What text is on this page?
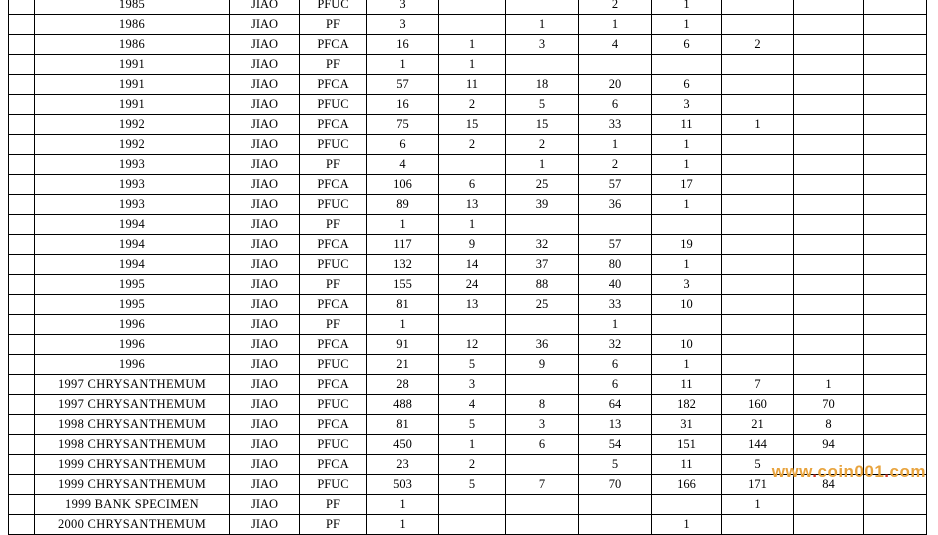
	1985	JIAO	PFUC	3			2	1			
	1986	JIAO	PF	3		1	1	1			
	1986	JIAO	PFCA	16	1	3	4	6	2		
	1991	JIAO	PF	1	1						
	1991	JIAO	PFCA	57	11	18	20	6			
	1991	JIAO	PFUC	16	2	5	6	3			
	1992	JIAO	PFCA	75	15	15	33	11	1		
	1992	JIAO	PFUC	6	2	2	1	1			
	1993	JIAO	PF	4		1	2	1			
	1993	JIAO	PFCA	106	6	25	57	17			
	1993	JIAO	PFUC	89	13	39	36	1			
	1994	JIAO	PF	1	1						
	1994	JIAO	PFCA	117	9	32	57	19			
	1994	JIAO	PFUC	132	14	37	80	1			
	1995	JIAO	PF	155	24	88	40	3			
	1995	JIAO	PFCA	81	13	25	33	10			
	1996	JIAO	PF	1			1				
	1996	JIAO	PFCA	91	12	36	32	10			
	1996	JIAO	PFUC	21	5	9	6	1			
	1997 CHRYSANTHEMUM	JIAO	PFCA	28	3		6	11	7	1	
	1997 CHRYSANTHEMUM	JIAO	PFUC	488	4	8	64	182	160	70	
	1998 CHRYSANTHEMUM	JIAO	PFCA	81	5	3	13	31	21	8	
	1998 CHRYSANTHEMUM	JIAO	PFUC	450	1	6	54	151	144	94	
	1999 CHRYSANTHEMUM	JIAO	PFCA	23	2		5	11	5		
	1999 CHRYSANTHEMUM	JIAO	PFUC	503	5	7	70	166	171	84	
	1999 BANK SPECIMEN	JIAO	PF	1					1		
	2000 CHRYSANTHEMUM	JIAO	PF	1				1			
www.coin001.com
